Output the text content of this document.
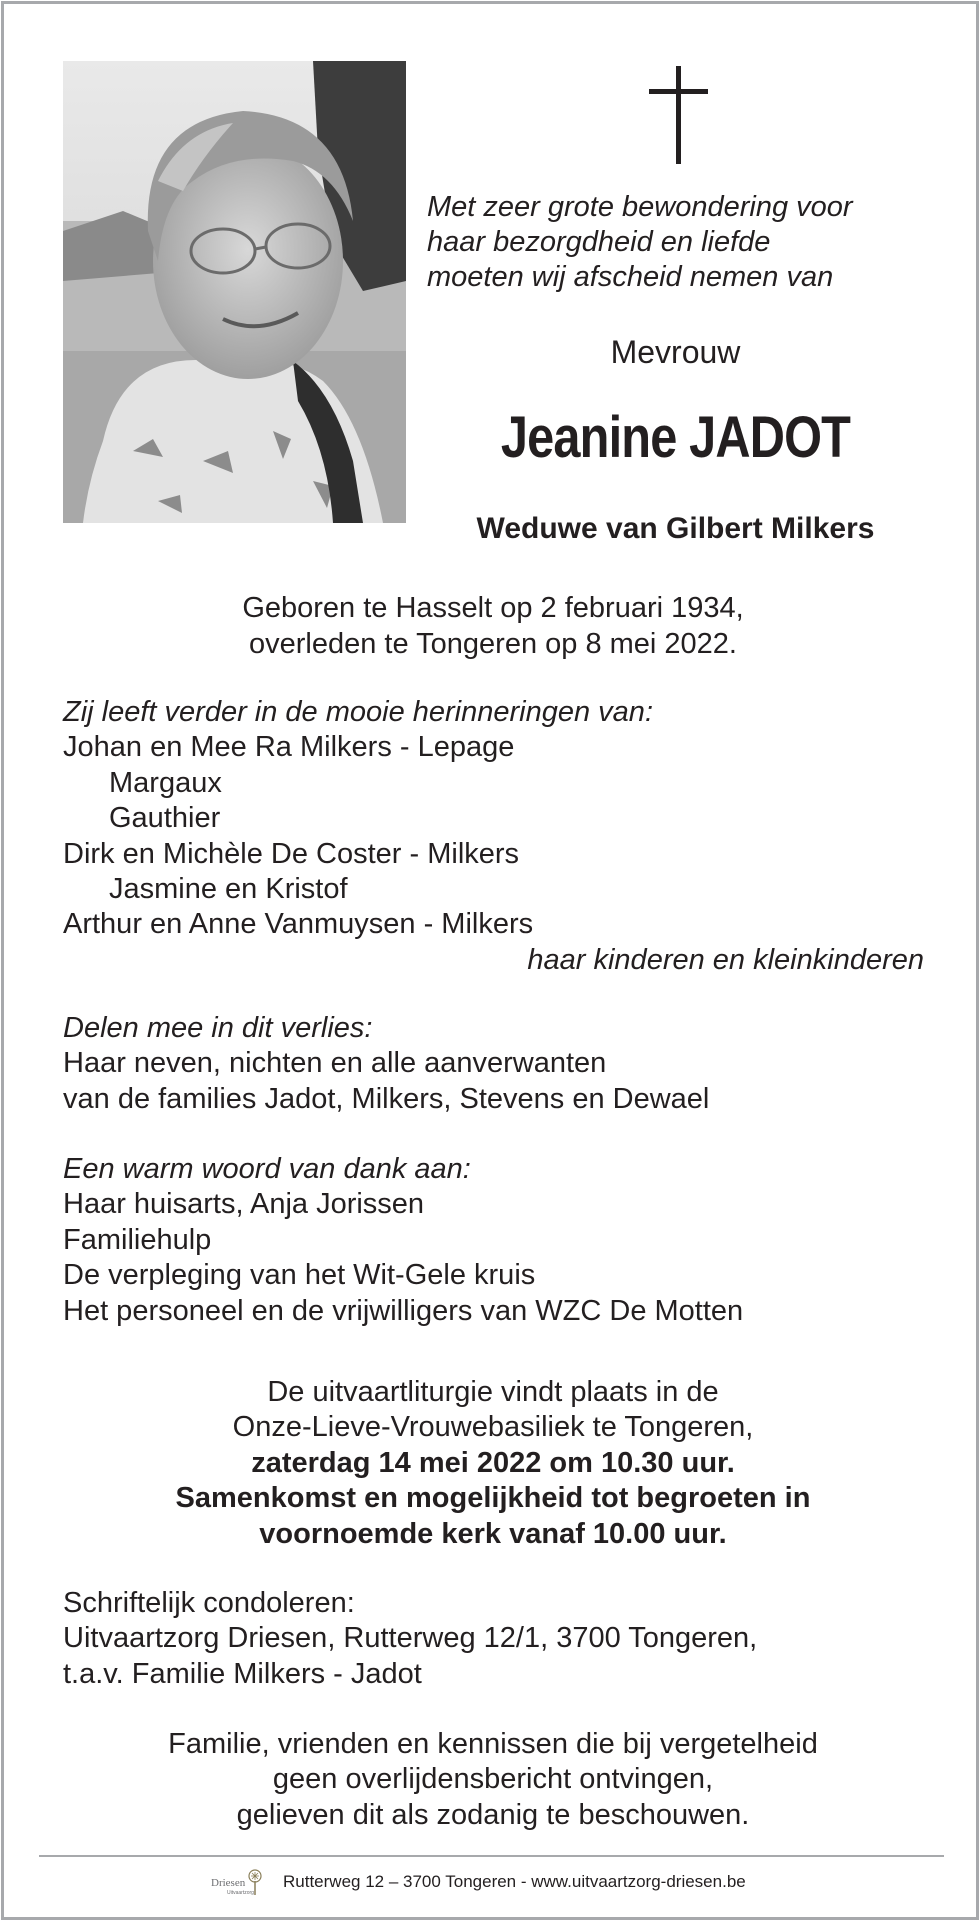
Met zeer grote bewondering voor
haar bezorgdheid en liefde
moeten wij afscheid nemen van
Mevrouw
Jeanine JADOT
Weduwe van Gilbert Milkers
Geboren te Hasselt op 2 februari 1934,
overleden te Tongeren op 8 mei 2022.
Zij leeft verder in de mooie herinneringen van:
Johan en Mee Ra Milkers - Lepage
Margaux
Gauthier
Dirk en Michèle De Coster - Milkers
Jasmine en Kristof
Arthur en Anne Vanmuysen - Milkers
haar kinderen en kleinkinderen
Delen mee in dit verlies:
Haar neven, nichten en alle aanverwanten
van de families Jadot, Milkers, Stevens en Dewael
Een warm woord van dank aan:
Haar huisarts, Anja Jorissen
Familiehulp
De verpleging van het Wit-Gele kruis
Het personeel en de vrijwilligers van WZC De Motten
De uitvaartliturgie vindt plaats in de
Onze-Lieve-Vrouwebasiliek te Tongeren,
zaterdag 14 mei 2022 om 10.30 uur.
Samenkomst en mogelijkheid tot begroeten in
voornoemde kerk vanaf 10.00 uur.
Schriftelijk condoleren:
Uitvaartzorg Driesen, Rutterweg 12/1, 3700 Tongeren,
t.a.v. Familie Milkers - Jadot
Familie, vrienden en kennissen die bij vergetelheid
geen overlijdensbericht ontvingen,
gelieven dit als zodanig te beschouwen.
Driesen
Uitvaartzorg
Rutterweg 12 – 3700 Tongeren - www.uitvaartzorg-driesen.be
